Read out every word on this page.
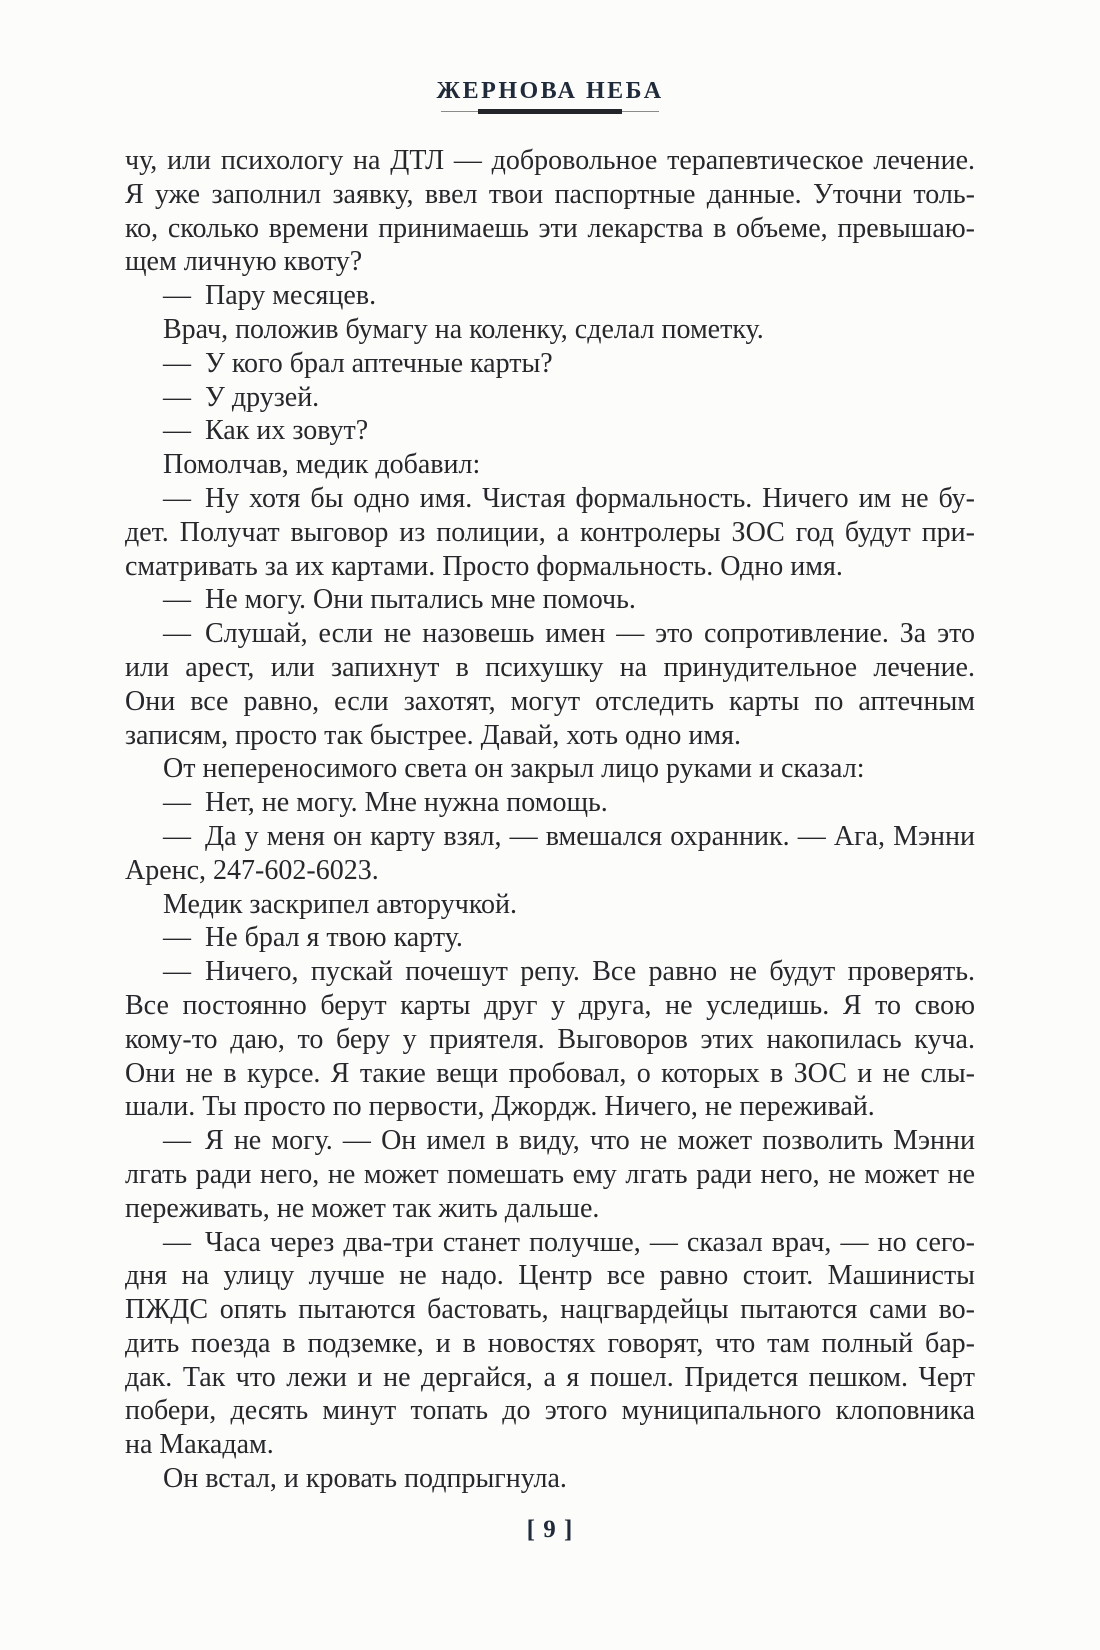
ЖЕРНОВА НЕБА
чу, или психологу на ДТЛ — добровольное терапевтическое лечение.
Я уже заполнил заявку, ввел твои паспортные данные. Уточни толь-
ко, сколько времени принимаешь эти лекарства в объеме, превышаю-
щем личную квоту?
— Пару месяцев.
Врач, положив бумагу на коленку, сделал пометку.
— У кого брал аптечные карты?
— У друзей.
— Как их зовут?
Помолчав, медик добавил:
— Ну хотя бы одно имя. Чистая формальность. Ничего им не бу-
дет. Получат выговор из полиции, а контролеры ЗОС год будут при-
сматривать за их картами. Просто формальность. Одно имя.
— Не могу. Они пытались мне помочь.
— Слушай, если не назовешь имен — это сопротивление. За это
или арест, или запихнут в психушку на принудительное лечение.
Они все равно, если захотят, могут отследить карты по аптечным
записям, просто так быстрее. Давай, хоть одно имя.
От непереносимого света он закрыл лицо руками и сказал:
— Нет, не могу. Мне нужна помощь.
— Да у меня он карту взял, — вмешался охранник. — Ага, Мэнни
Аренс, 247-602-6023.
Медик заскрипел авторучкой.
— Не брал я твою карту.
— Ничего, пускай почешут репу. Все равно не будут проверять.
Все постоянно берут карты друг у друга, не уследишь. Я то свою
кому-то даю, то беру у приятеля. Выговоров этих накопилась куча.
Они не в курсе. Я такие вещи пробовал, о которых в ЗОС и не слы-
шали. Ты просто по первости, Джордж. Ничего, не переживай.
— Я не могу. — Он имел в виду, что не может позволить Мэнни
лгать ради него, не может помешать ему лгать ради него, не может не
переживать, не может так жить дальше.
— Часа через два-три станет получше, — сказал врач, — но сего-
дня на улицу лучше не надо. Центр все равно стоит. Машинисты
ПЖДС опять пытаются бастовать, нацгвардейцы пытаются сами во-
дить поезда в подземке, и в новостях говорят, что там полный бар-
дак. Так что лежи и не дергайся, а я пошел. Придется пешком. Черт
побери, десять минут топать до этого муниципального клоповника
на Макадам.
Он встал, и кровать подпрыгнула.
[ 9 ]
